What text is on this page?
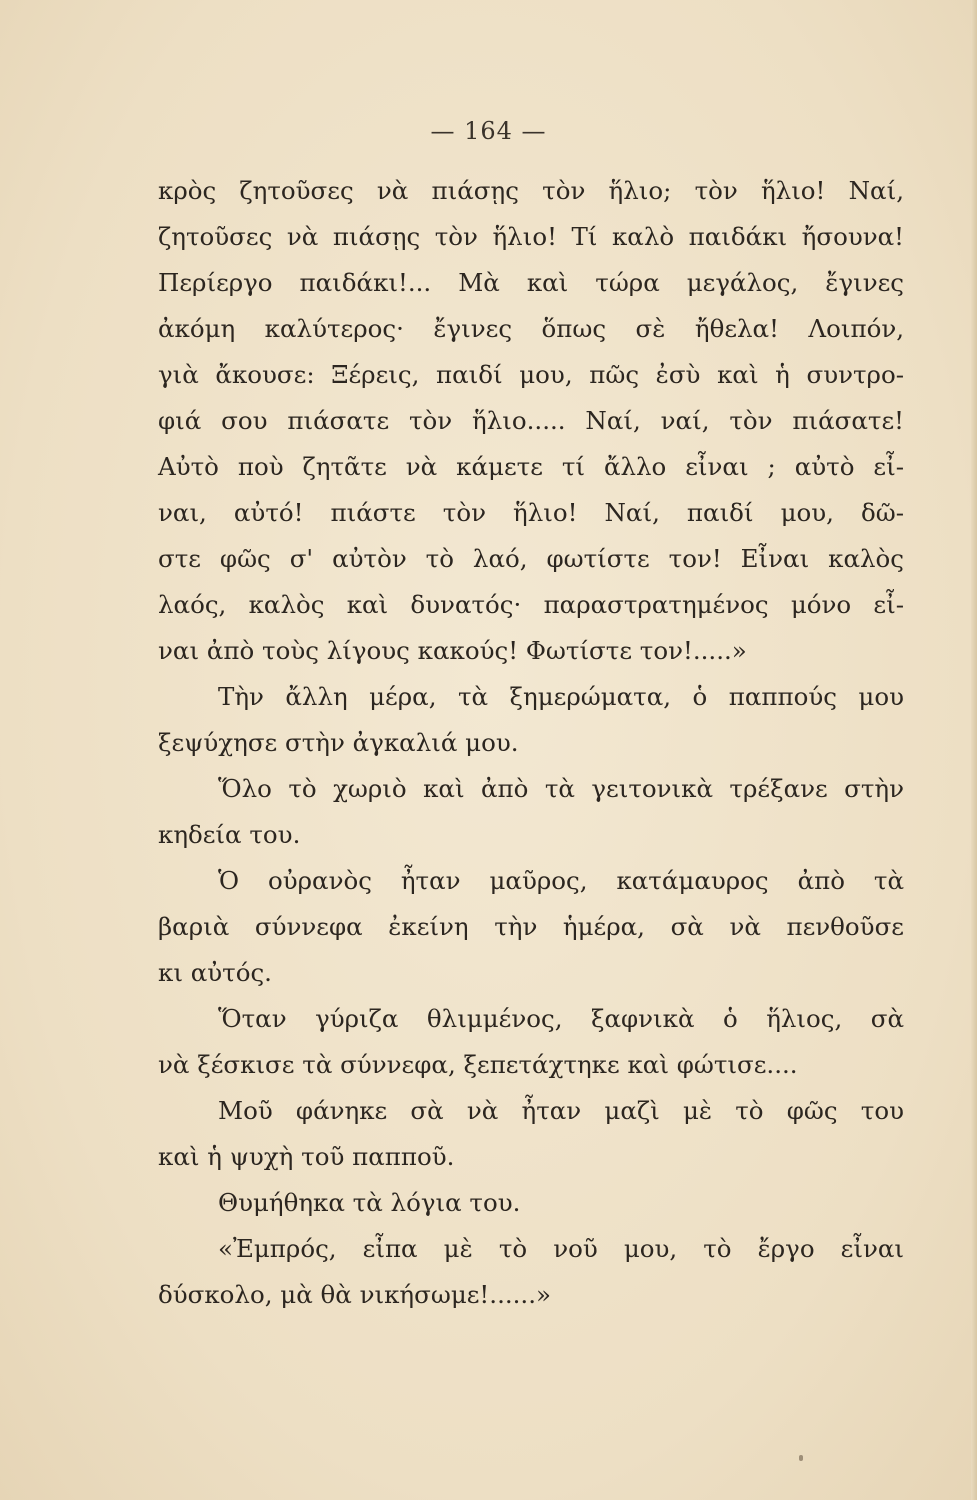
— 164 —
κρὸς ζητοῦσες νὰ πιάσῃς τὸν ἥλιο; τὸν ἥλιο! Ναί,
ζητοῦσες νὰ πιάσῃς τὸν ἥλιο! Τί καλὸ παιδάκι ἤσουνα!
Περίεργο παιδάκι!... Μὰ καὶ τώρα μεγάλος, ἔγινες
ἀκόμη καλύτερος· ἔγινες ὅπως σὲ ἤθελα! Λοιπόν,
γιὰ ἄκουσε: Ξέρεις, παιδί μου, πῶς ἐσὺ καὶ ἡ συντρο-
φιά σου πιάσατε τὸν ἥλιο..... Ναί, ναί, τὸν πιάσατε!
Αὐτὸ ποὺ ζητᾶτε νὰ κάμετε τί ἄλλο εἶναι ; αὐτὸ εἶ-
ναι, αὐτό! πιάστε τὸν ἥλιο! Ναί, παιδί μου, δῶ-
στε φῶς σ' αὐτὸν τὸ λαό, φωτίστε τον! Εἶναι καλὸς
λαός, καλὸς καὶ δυνατός· παραστρατημένος μόνο εἶ-
ναι ἀπὸ τοὺς λίγους κακούς! Φωτίστε τον!.....»
Τὴν ἄλλη μέρα, τὰ ξημερώματα, ὁ παππούς μου
ξεψύχησε στὴν ἀγκαλιά μου.
Ὅλο τὸ χωριὸ καὶ ἀπὸ τὰ γειτονικὰ τρέξανε στὴν
κηδεία του.
Ὁ οὐρανὸς ἦταν μαῦρος, κατάμαυρος ἀπὸ τὰ
βαριὰ σύννεφα ἐκείνη τὴν ἡμέρα, σὰ νὰ πενθοῦσε
κι αὐτός.
Ὅταν γύριζα θλιμμένος, ξαφνικὰ ὁ ἥλιος, σὰ
νὰ ξέσκισε τὰ σύννεφα, ξεπετάχτηκε καὶ φώτισε....
Μοῦ φάνηκε σὰ νὰ ἦταν μαζὶ μὲ τὸ φῶς του
καὶ ἡ ψυχὴ τοῦ παπποῦ.
Θυμήθηκα τὰ λόγια του.
«Ἐμπρός, εἶπα μὲ τὸ νοῦ μου, τὸ ἔργο εἶναι
δύσκολο, μὰ θὰ νικήσωμε!......»
